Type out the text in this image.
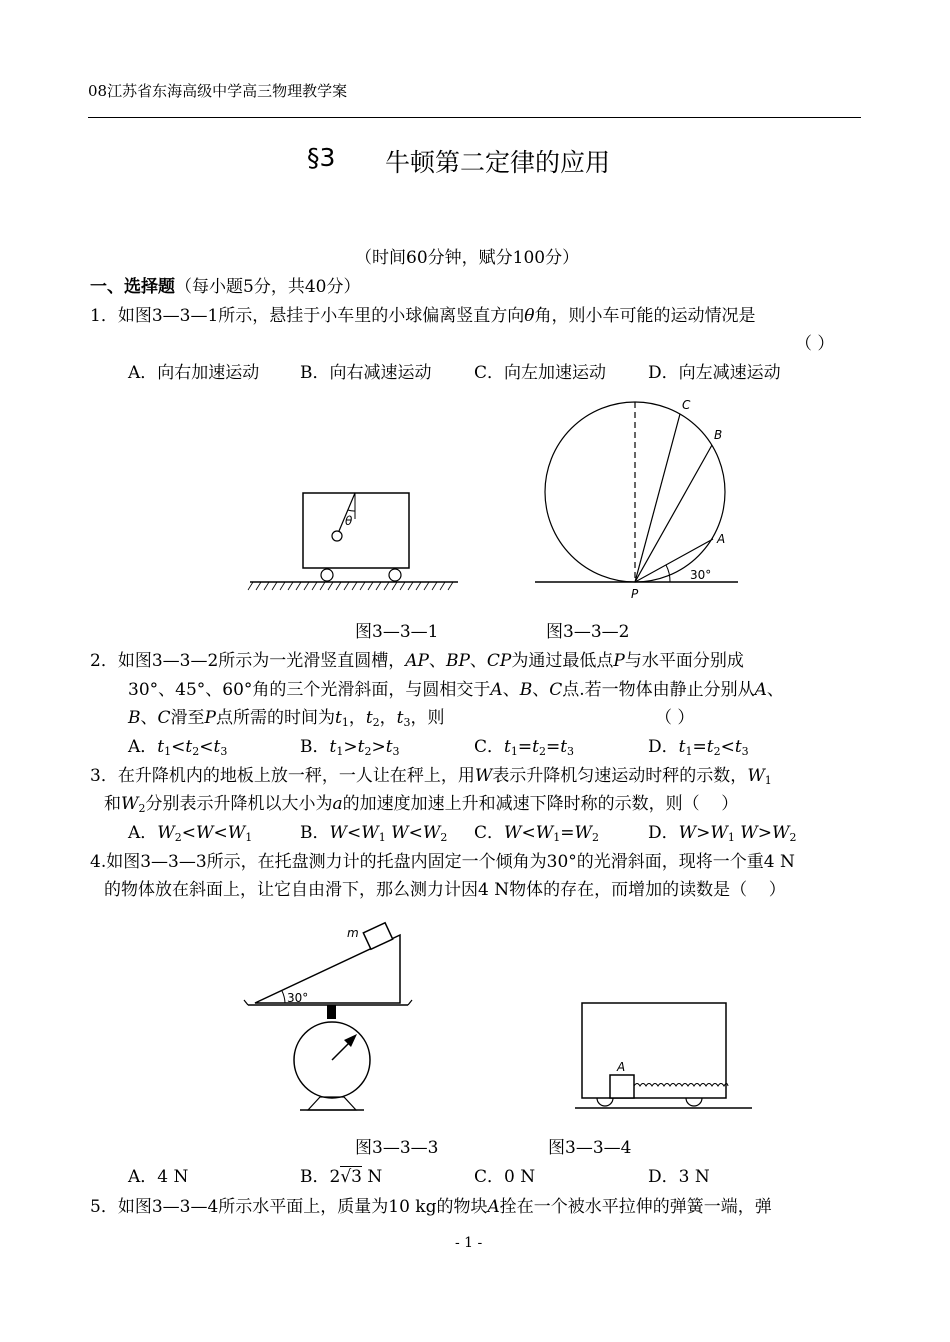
08江苏省东海高级中学高三物理教学案
§3 牛顿第二定律的应用
（时间60分钟，赋分100分）
一、选择题（每小题5分，共40分）
1．如图3—3—1所示，悬挂于小车里的小球偏离竖直方向θ角，则小车可能的运动情况是
（ ）
A．向右加速运动 B．向右减速运动	C．向左加速运动 D．向左减速运动
θ
C
B
A
P
30°
图3—3—1	图3—3—2
2．如图3—3—2所示为一光滑竖直圆槽，AP、BP、CP为通过最低点P与水平面分别成
30°、45°、60°角的三个光滑斜面，与圆相交于A、B、C点.若一物体由静止分别从A、
B、C滑至P点所需的时间为$t_1$，$t_2$，$t_3$，则	（ ）
A．$t_1<t_2<t_3$	B．$t_1>t_2>t_3$	C．$t_1=t_2=t_3$	D．$t_1=t_2<t_3$
3．在升降机内的地板上放一秤，一人让在秤上，用W表示升降机匀速运动时秤的示数，$W_1$
和$W_2$分别表示升降机以大小为a的加速度加速上升和减速下降时称的示数，则（    ）
A．$W_2<W<W_1$	B．$W<W_1$ $W<W_2$ C．$W<W_1=W_2$	D．$W>W_1$ $W>W_2$
4.如图3—3—3所示，在托盘测力计的托盘内固定一个倾角为30°的光滑斜面，现将一个重4 N
的物体放在斜面上，让它自由滑下，那么测力计因4 N物体的存在，而增加的读数是（    ）
m
30°
A
图3—3—3	图3—3—4
A．4 N	B．2√3 N	C．0 N	D．3 N
5．如图3—3—4所示水平面上，质量为10 kg的物块A拴在一个被水平拉伸的弹簧一端，弹
- 1 -
